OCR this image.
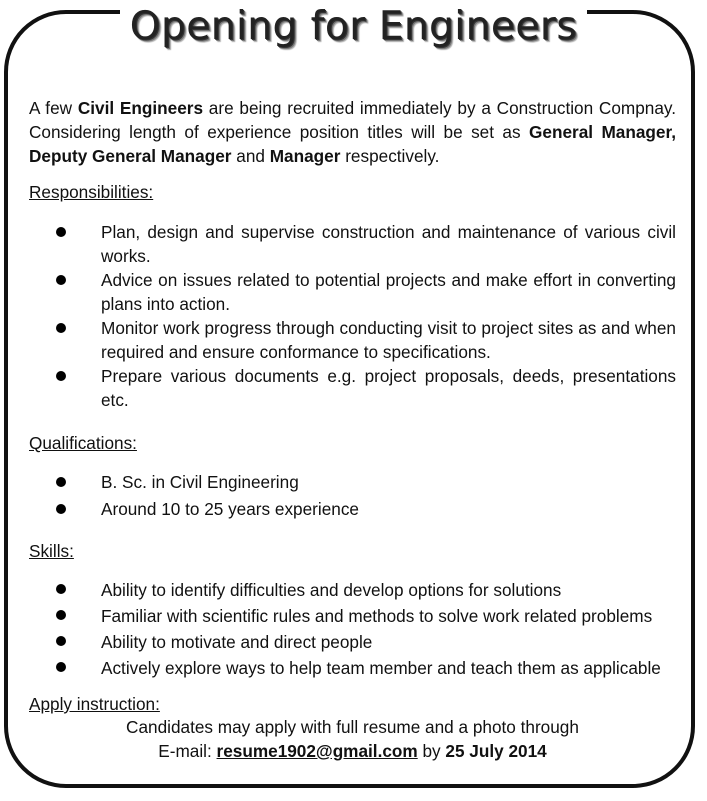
Opening for Engineers

A few Civil Engineers are being recruited immediately by a Construction Compnay. Considering length of experience position titles will be set as General Manager, Deputy General Manager and Manager respectively.

Responsibilities:

Plan, design and supervise construction and maintenance of various civil works.
Advice on issues related to potential projects and make effort in converting plans into action.
Monitor work progress through conducting visit to project sites as and when required and ensure conformance to specifications.
Prepare various documents e.g. project proposals, deeds, presentations etc.

Qualifications:

B. Sc. in Civil Engineering
Around 10 to 25 years experience

Skills:

Ability to identify difficulties and develop options for solutions
Familiar with scientific rules and methods to solve work related problems
Ability to motivate and direct people
Actively explore ways to help team member and teach them as applicable

Apply instruction:

Candidates may apply with full resume and a photo through

E-mail: resume1902@gmail.com by 25 July 2014
